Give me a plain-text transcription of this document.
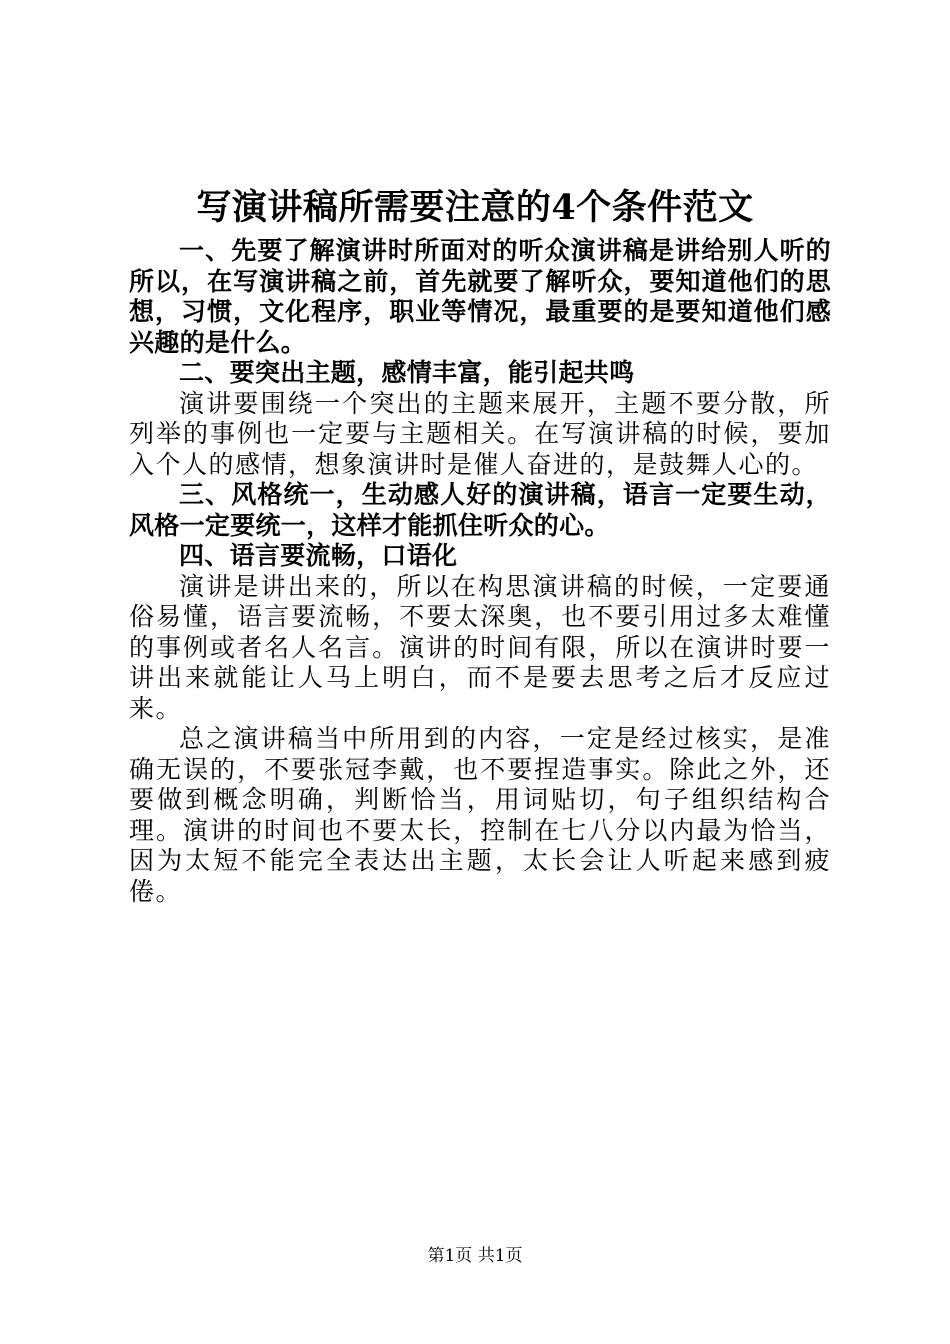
写演讲稿所需要注意的4个条件范文

一、先要了解演讲时所面对的听众演讲稿是讲给别人听的所以，在写演讲稿之前，首先就要了解听众，要知道他们的思想，习惯，文化程序，职业等情况，最重要的是要知道他们感兴趣的是什么。

二、要突出主题，感情丰富，能引起共鸣

演讲要围绕一个突出的主题来展开，主题不要分散，所列举的事例也一定要与主题相关。在写演讲稿的时候，要加入个人的感情，想象演讲时是催人奋进的，是鼓舞人心的。

三、风格统一，生动感人好的演讲稿，语言一定要生动，风格一定要统一，这样才能抓住听众的心。

四、语言要流畅，口语化

演讲是讲出来的，所以在构思演讲稿的时候，一定要通俗易懂，语言要流畅，不要太深奥，也不要引用过多太难懂的事例或者名人名言。演讲的时间有限，所以在演讲时要一讲出来就能让人马上明白，而不是要去思考之后才反应过来。

总之演讲稿当中所用到的内容，一定是经过核实，是准确无误的，不要张冠李戴，也不要捏造事实。除此之外，还要做到概念明确，判断恰当，用词贴切，句子组织结构合理。演讲的时间也不要太长，控制在七八分以内最为恰当，因为太短不能完全表达出主题，太长会让人听起来感到疲倦。

第1页 共1页
